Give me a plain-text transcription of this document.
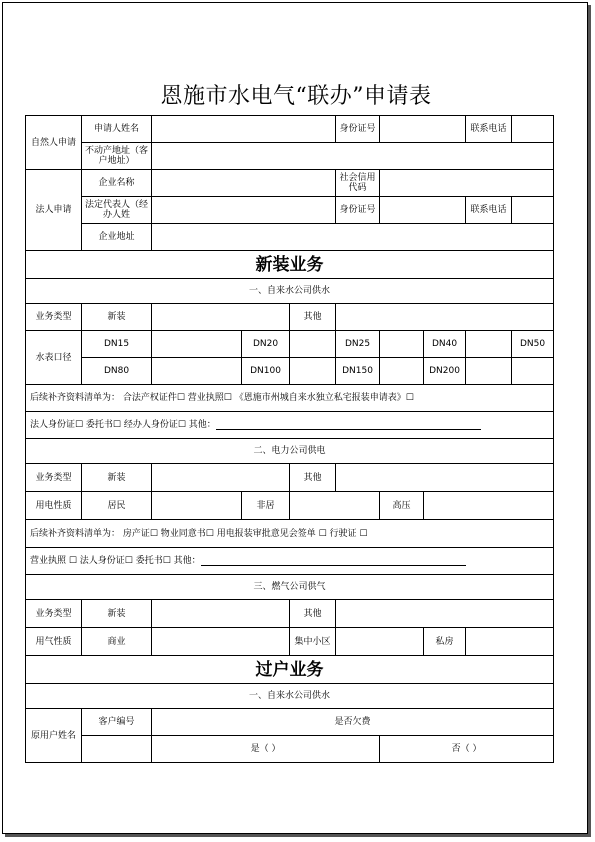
恩施市水电气“联办”申请表
自然人申请	申请人姓名				身份证号			联系电话	
	不动产地址（客户地址）								
法人申请	企业名称				社会信用代码				
	法定代表人（经办人姓				身份证号			联系电话	
	企业地址								
新装业务									
一、自来水公司供水									
业务类型	新装			其他					
水表口径	DN15		DN20		DN25		DN40		DN50
	DN80		DN100		DN150		DN200		
后续补齐资料清单为： 合法产权证件☐ 营业执照☐ 《恩施市州城自来水独立私宅报装申请表》☐									
法人身份证☐ 委托书☐ 经办人身份证☐ 其他：									
二、电力公司供电									
业务类型	新装			其他					
用电性质	居民		非居			高压			
后续补齐资料清单为： 房产证☐ 物业同意书☐ 用电报装审批意见会签单 ☐ 行驶证 ☐									
营业执照 ☐ 法人身份证☐ 委托书☐ 其他：									
三、燃气公司供气									
业务类型	新装			其他					
用气性质	商业			集中小区			私房		
过户业务									
一、自来水公司供水									
原用户姓名	客户编号	是否欠费							
		是（ ）				否（ ）			
